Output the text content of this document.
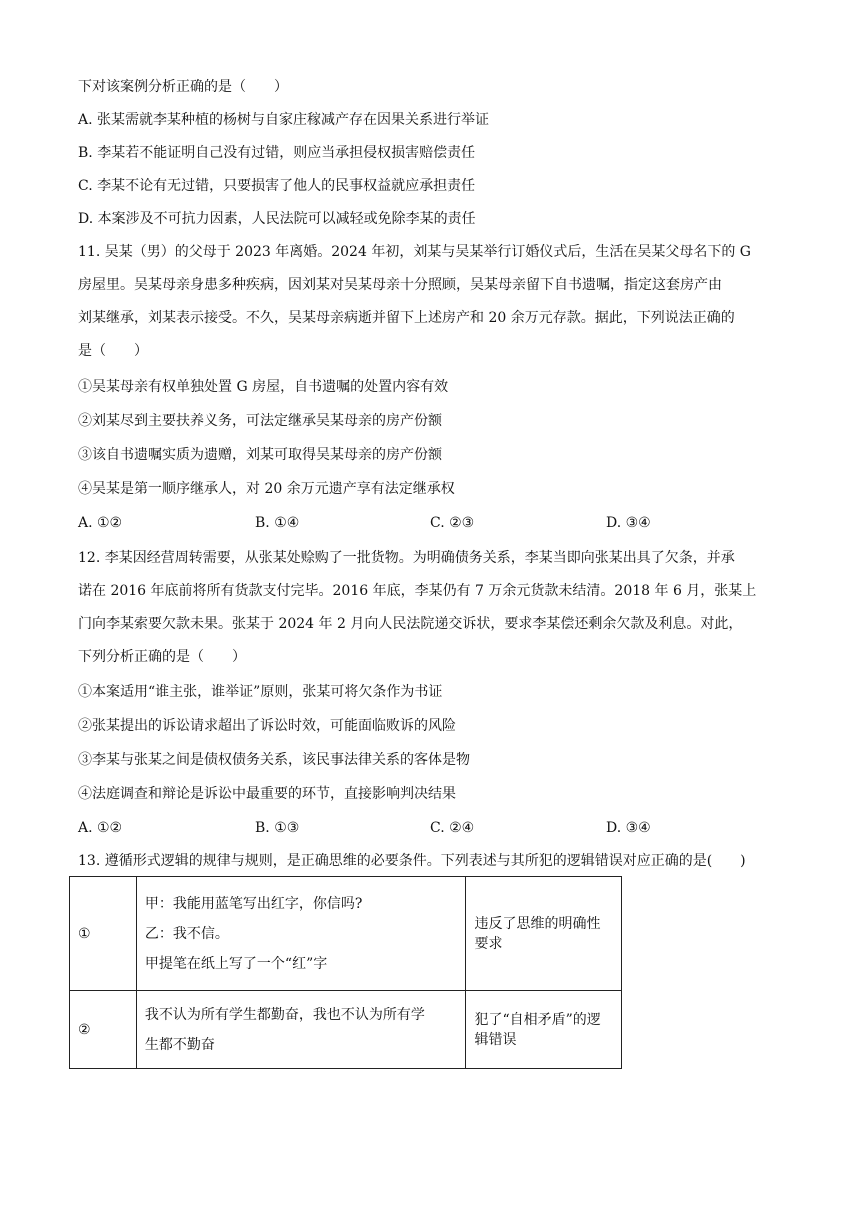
下对该案例分析正确的是（　　）
A. 张某需就李某种植的杨树与自家庄稼减产存在因果关系进行举证
B. 李某若不能证明自己没有过错，则应当承担侵权损害赔偿责任
C. 李某不论有无过错，只要损害了他人的民事权益就应承担责任
D. 本案涉及不可抗力因素，人民法院可以减轻或免除李某的责任
11. 吴某（男）的父母于 2023 年离婚。2024 年初，刘某与吴某举行订婚仪式后，生活在吴某父母名下的 G
房屋里。吴某母亲身患多种疾病，因刘某对吴某母亲十分照顾，吴某母亲留下自书遗嘱，指定这套房产由
刘某继承，刘某表示接受。不久，吴某母亲病逝并留下上述房产和 20 余万元存款。据此，下列说法正确的
是（　　）
①吴某母亲有权单独处置 G 房屋，自书遗嘱的处置内容有效
②刘某尽到主要扶养义务，可法定继承吴某母亲的房产份额
③该自书遗嘱实质为遗赠，刘某可取得吴某母亲的房产份额
④吴某是第一顺序继承人，对 20 余万元遗产享有法定继承权
A. ①②	B. ①④	C. ②③	D. ③④
12. 李某因经营周转需要，从张某处赊购了一批货物。为明确债务关系，李某当即向张某出具了欠条，并承
诺在 2016 年底前将所有货款支付完毕。2016 年底，李某仍有 7 万余元货款未结清。2018 年 6 月，张某上
门向李某索要欠款未果。张某于 2024 年 2 月向人民法院递交诉状，要求李某偿还剩余欠款及利息。对此，
下列分析正确的是（　　）
①本案适用“谁主张，谁举证”原则，张某可将欠条作为书证
②张某提出的诉讼请求超出了诉讼时效，可能面临败诉的风险
③李某与张某之间是债权债务关系，该民事法律关系的客体是物
④法庭调查和辩论是诉讼中最重要的环节，直接影响判决结果
A. ①②	B. ①③	C. ②④	D. ③④
13. 遵循形式逻辑的规律与规则，是正确思维的必要条件。下列表述与其所犯的逻辑错误对应正确的是(　　)
①	甲：我能用蓝笔写出红字，你信吗?
乙：我不信。
甲提笔在纸上写了一个“红”字	违反了思维的明确性要求
②	我不认为所有学生都勤奋，我也不认为所有学
生都不勤奋	犯了“自相矛盾”的逻辑错误
